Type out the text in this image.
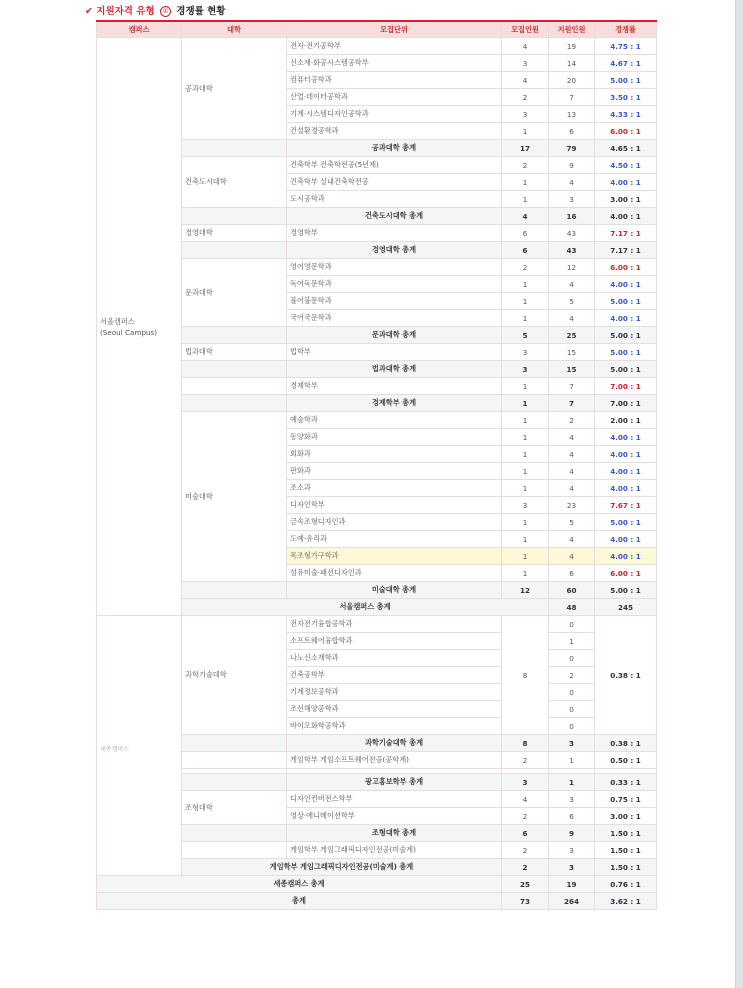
✔ 지원자격 유형 ① 경쟁률 현황
캠퍼스	대학	모집단위	모집인원	지원인원	경쟁률	
서울캠퍼스
(Seoul Campus)	공과대학	전자·전기공학부	4	19	4.75 : 1	
		신소재·화공시스템공학부	3	14	4.67 : 1	
		컴퓨터공학과	4	20	5.00 : 1	
		산업·데이터공학과	2	7	3.50 : 1	
		기계·시스템디자인공학과	3	13	4.33 : 1	
		건설환경공학과	1	6	6.00 : 1	
		공과대학 총계	17	79	4.65 : 1	
	건축도시대학	건축학부 건축학전공(5년제)	2	9	4.50 : 1	
		건축학부 실내건축학전공	1	4	4.00 : 1	
		도시공학과	1	3	3.00 : 1	
		건축도시대학 총계	4	16	4.00 : 1	
	경영대학	경영학부	6	43	7.17 : 1	
		경영대학 총계	6	43	7.17 : 1	
	문과대학	영어영문학과	2	12	6.00 : 1	
		독어독문학과	1	4	4.00 : 1	
		불어불문학과	1	5	5.00 : 1	
		국어국문학과	1	4	4.00 : 1	
		문과대학 총계	5	25	5.00 : 1	
	법과대학	법학부	3	15	5.00 : 1	
		법과대학 총계	3	15	5.00 : 1	
		경제학부	1	7	7.00 : 1	
		경제학부 총계	1	7	7.00 : 1	
	미술대학	예술학과	1	2	2.00 : 1	
		동양화과	1	4	4.00 : 1	
		회화과	1	4	4.00 : 1	
		판화과	1	4	4.00 : 1	
		조소과	1	4	4.00 : 1	
		디자인학부	3	23	7.67 : 1	
		금속조형디자인과	1	5	5.00 : 1	
		도예·유리과	1	4	4.00 : 1	
		목조형가구학과	1	4	4.00 : 1	
		섬유미술·패션디자인과	1	6	6.00 : 1	
		미술대학 총계	12	60	5.00 : 1	
	서울캠퍼스 총계			48	245	
세종캠퍼스	과학기술대학	전자전기융합공학과	8	0	0.38 : 1	
		소프트웨어융합학과		1		
		나노신소재학과		0		
		건축공학부		2		
		기계정보공학과		0		
		조선해양공학과		0		
		바이오화학공학과		0		
		과학기술대학 총계	8	3	0.38 : 1	
		게임학부 게임소프트웨어전공(공학계)	2	1	0.50 : 1	

		광고홍보학부 총계	3	1	0.33 : 1	
	조형대학	디자인컨버전스학부	4	3	0.75 : 1	
		영상·애니메이션학부	2	6	3.00 : 1	
		조형대학 총계	6	9	1.50 : 1	
		게임학부 게임그래픽디자인전공(미술계)	2	3	1.50 : 1	
	게임학부 게임그래픽디자인전공(미술계) 총계		2	3	1.50 : 1	
세종캠퍼스 총계			25	19	0.76 : 1	
총계			73	264	3.62 : 1	
